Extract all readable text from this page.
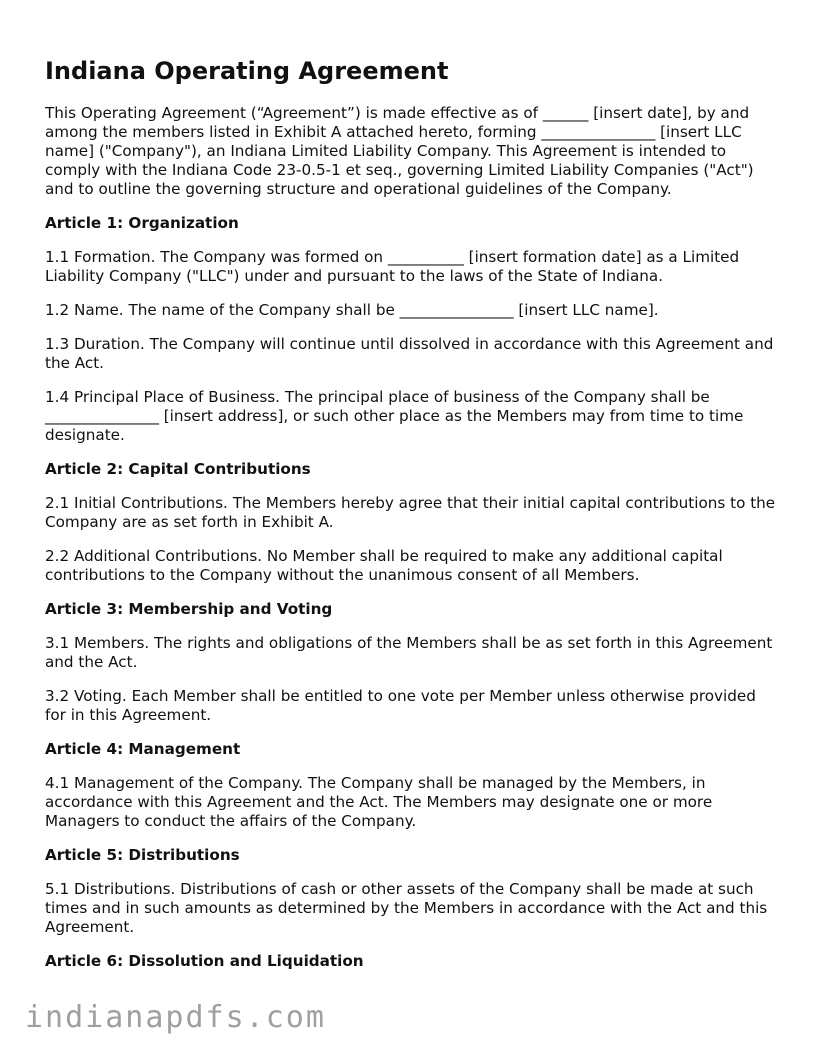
Indiana Operating Agreement

This Operating Agreement (“Agreement”) is made effective as of ______ [insert date], by and among the members listed in Exhibit A attached hereto, forming _______________ [insert LLC name] ("Company"), an Indiana Limited Liability Company. This Agreement is intended to comply with the Indiana Code 23-0.5-1 et seq., governing Limited Liability Companies ("Act") and to outline the governing structure and operational guidelines of the Company.

Article 1: Organization

1.1 Formation. The Company was formed on __________ [insert formation date] as a Limited Liability Company ("LLC") under and pursuant to the laws of the State of Indiana.

1.2 Name. The name of the Company shall be _______________ [insert LLC name].

1.3 Duration. The Company will continue until dissolved in accordance with this Agreement and the Act.

1.4 Principal Place of Business. The principal place of business of the Company shall be _______________ [insert address], or such other place as the Members may from time to time designate.

Article 2: Capital Contributions

2.1 Initial Contributions. The Members hereby agree that their initial capital contributions to the Company are as set forth in Exhibit A.

2.2 Additional Contributions. No Member shall be required to make any additional capital contributions to the Company without the unanimous consent of all Members.

Article 3: Membership and Voting

3.1 Members. The rights and obligations of the Members shall be as set forth in this Agreement and the Act.

3.2 Voting. Each Member shall be entitled to one vote per Member unless otherwise provided for in this Agreement.

Article 4: Management

4.1 Management of the Company. The Company shall be managed by the Members, in accordance with this Agreement and the Act. The Members may designate one or more Managers to conduct the affairs of the Company.

Article 5: Distributions

5.1 Distributions. Distributions of cash or other assets of the Company shall be made at such times and in such amounts as determined by the Members in accordance with the Act and this Agreement.

Article 6: Dissolution and Liquidation

indianapdfs.com
